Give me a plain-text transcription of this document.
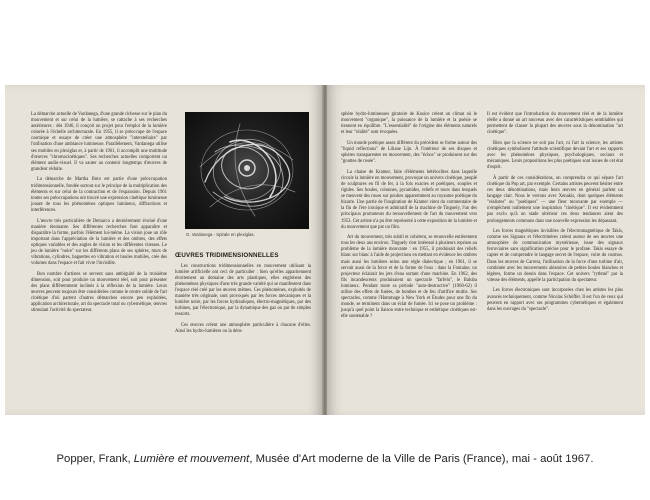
La démarche actuelle de Vardanega, d'une grande richesse sur le plan du mouvement et sur celui de la lumière, se rattache à ses recherches antérieures : dès 1946, il conçoit un projet pour l'emploi de la lumière colorée à l'échelle architecturale. En 1955, il se préoccupe de l'espace cosmique et essaye de créer une atmosphère "interstellaire" par l'utilisation d'une ambiance lumineuse. Parallèlement, Vardanega utilise ses mobiles en plexiglas et, à partir de 1961, il accomplit une multitude d'œuvres "chromocinétiques". Ses recherches actuelles comportent un élément audio-visuel. Il va sauter au contenir longtemps d'œuvres de grandeur réduite.

La démarche de Martha Boto est partie d'une préoccupation tridimensionnelle, fondée surtout sur le principe de la multiplication des éléments et sur celui de la contraction et de l'expansion. Depuis 1961 toutes ses préoccupations ont trouvé une expression cinétique lumineuse jouant de tous les phénomènes optiques lumineux, diffractions et interférences.

L'œuvre très particulière de Demarco a dernièrement évolué d'une manière étonnante. Ses différentes recherches font apparaître et disparaître la forme, parfois l'élément lui-même. La vision joue un rôle important dans l'appréciation de la lumière et des ombres, des effets optiques variables et des angles de vision et les différentes vitesses. Le jeu de lumière "noire" sur les différents plans de ses sphères, murs de vibrations, cylindres, baguettes en vibration et boules mobiles, crée des volumes dans l'espace et fait vivre l'invisible.

Bon nombre d'artistes se servent sans ambiguïté de la troisième dimension, soit pour produire un mouvement réel, soit pour présenter des plans différemment inclinés à la réflexion de la lumière. Leurs œuvres peuvent toujours être considérées comme le centre solide de l'art cinétique d'où partent d'autres démarches encore peu exploitées, application architecturale, art du spectacle total ou cybernétique, œuvres stimulant l'activité du spectateur.

G. Vardanega - Spirale en plexiglas.

ŒUVRES TRIDIMENSIONNELLES

Les constructions tridimensionnelles en mouvement utilisant la lumière artificielle ont ceci de particulier : bien qu'elles appartiennent étroitement au domaine des arts plastiques, elles englobent des phénomènes physiques d'une très grande variété qui se manifestent dans l'espace réel créé par les œuvres mêmes. Ces phénomènes, exploités de manière très originale, sont provoqués par les forces mécaniques et la lumière noire, par les forces hydrauliques, électro-magnétiques, par des turbines, par l'électronique, par la dynamique des gaz ou par de simples ressorts.

Ces œuvres créent une atmosphère particulière à chacune d'elles. Ainsi les hydro-lumières ou la dém-

sphère hydro-lumineuses giratoire de Kosice créent un climat où le mouvement "organique", la puissance de la lumière et la poésie se tiennent en équilibre. "L'essentialité" de l'origine des éléments naturels et leur "réalité" sont évoquées.

Un monde poétique assez différent du précédent se forme autour des "liquid reflections" de Liliane Lijn. À l'intérieur de ses disques et sphères transparentes en mouvement, des "échos" se produisent sur des "gouttes de rosée".

La chaise de Kramer, faite d'éléments hétéroclites dans laquelle circule la lumière en mouvement, provoque un univers cinétique, peuplé de sculptures en fil de fer, à la fois exactes et poétiques, souples et rigides. Ses boules, colonnes, pyramides, reliefs et tours dans lesquels se meuvent des roues sur poulies apparemment au royaume poétique du bizarre. Une partie de l'inspiration de Kramer vient du commentaire de la fin de l'ère ironique et admiratif de la machine de Tinguely, l'un des principaux promoteurs du renouvellement de l'art du mouvement vers 1953. Cet artiste n'a pu être représenté à cette exposition de la lumière et du mouvement que par un film.

Art du mouvement, très subtil et cohérent, se renouvelle entièrement tous les deux ans environ. Tinguely s'est intéressé à plusieurs reprises au problème de la lumière mouvante : en 1955, il produisait des reliefs blanc sur blanc à l'aide de projections en mettant en évidence les ombres mais aussi les lumières selon une règle dialectique ; en 1961, il se servait aussi de la force et de la forme de l'eau : dans la Fontaine, un projecteur éclairait les jets d'eau sortant d'une machine. En 1962, des fils incandescents produisaient un spectacle "farfelu", le Baluba lumineux. Pendant toute sa période "auto-destructive" (1960-62) il utilise des effets de fusées, de bombes et de feu d'artifice multis. Ses spectacles, comme l'Hommage à New York et Études pour une fin du monde, se terminent dans un éclat de fumée. Ici se pose un problème : jusqu'à quel point la liaison entre technique et esthétique cinétiques est-elle soutenable ?

Il est évident que l'introduction du mouvement réel et de la lumière réelle a donné un art nouveau avec des caractéristiques semblables qui permettent de classer la plupart des œuvres sous la dénomination "art cinétique".

Bien que la science ne soit pas l'art, ni l'art la science, les artistes cinétiques symbolisent l'attitude scientifique devant l'art et ses rapports avec les phénomènes physiques, psychologiques, sociaux et mécaniques. Leurs propositions les plus poétiques sont issues de cet état d'esprit.

À partir de ces considérations, on comprendra ce qui sépare l'art cinétique du Pop art, par exemple. Certains artistes peuvent hésiter entre ces deux dénominations, mais leurs œuvres en général parlent un langage clair. Nous le verrons avec Xenakis, dont quelques éléments "réalistes" ou "poétiques" — une fleur mouvante par exemple — n'empêchent nullement une inspiration "cinétique". Il est évidemment pas exclu qu'à un stade ultérieur ces deux tendances aient des prolongements communs dans une nouvelle expression les dépassant.

Les forces magnétiques invisibles de l'électromagnétique de Takis, comme ses Signaux et l'électrimères créent autour de ses œuvres une atmosphère de communication mystérieuse, issue des signaux ferroviaires sans signification précise pour le profane. Takis essaye de capter et de comprendre le langage secret de l'espace, voire du cosmos. Dans les œuvres de Carrera, l'utilisation de la force d'une turbine d'air, combinée avec les mouvements aléatoires de petites boules blanches et légères, forme un dessin dans l'espace. Cet univers "rythmé" par la vitesse des éléments, appelle la participation du spectateur.

Les forces électroniques sont incorporées chez les artistes les plus avancés techniquement, comme Nicolas Schöffer. Il est l'un de ceux qui peuvent en rapport avec ses programmes cybernétiques et également dans les ouvrages du "spectacle".

Popper, Frank, Lumière et mouvement, Musée d'Art moderne de la Ville de Paris (France), mai - août 1967.
